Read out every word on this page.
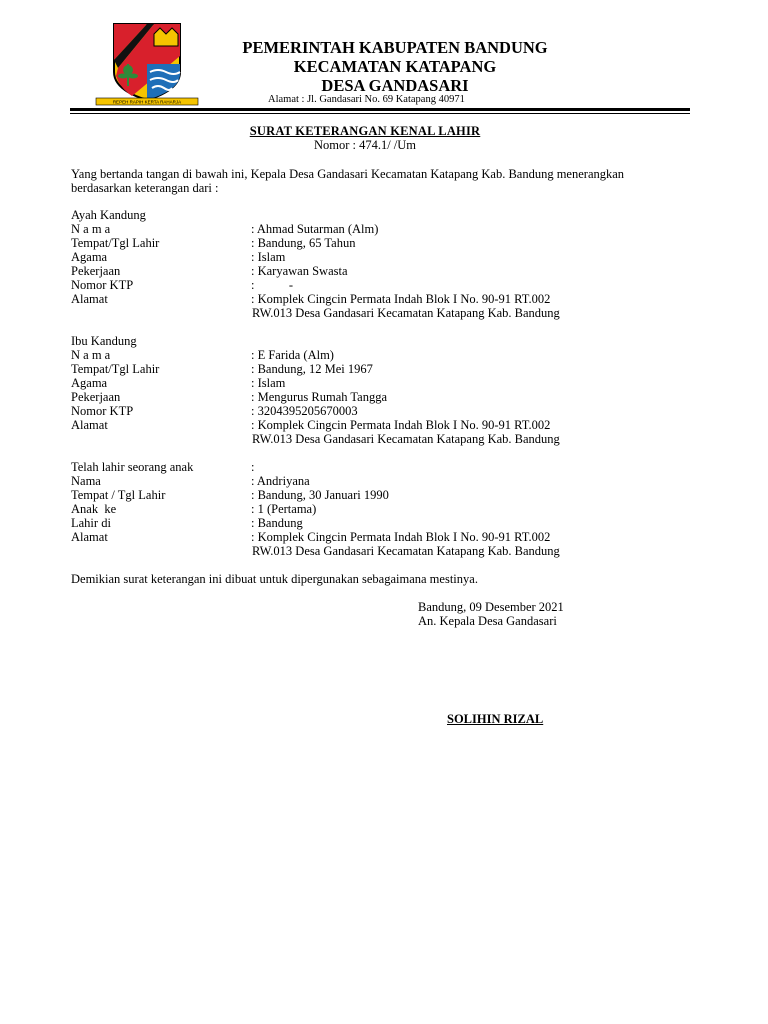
REPEH RAPIH KERTA RAHARJA
PEMERINTAH KABUPATEN BANDUNG
KECAMATAN KATAPANG
DESA GANDASARI
Alamat : Jl. Gandasari No. 69 Katapang 40971
SURAT KETERANGAN KENAL LAHIR
Nomor : 474.1/ /Um
Yang bertanda tangan di bawah ini, Kepala Desa Gandasari Kecamatan Katapang Kab. Bandung menerangkan berdasarkan keterangan dari :
Ayah Kandung
N a m a	: Ahmad Sutarman (Alm)
Tempat/Tgl Lahir	: Bandung, 65 Tahun
Agama	: Islam
Pekerjaan	: Karyawan Swasta
Nomor KTP	:           -
Alamat	: Komplek Cingcin Permata Indah Blok I No. 90-91 RT.002
RW.013 Desa Gandasari Kecamatan Katapang Kab. Bandung
Ibu Kandung
N a m a	: E Farida (Alm)
Tempat/Tgl Lahir	: Bandung, 12 Mei 1967
Agama	: Islam
Pekerjaan	: Mengurus Rumah Tangga
Nomor KTP	: 3204395205670003
Alamat	: Komplek Cingcin Permata Indah Blok I No. 90-91 RT.002
RW.013 Desa Gandasari Kecamatan Katapang Kab. Bandung
Telah lahir seorang anak	:
Nama	: Andriyana
Tempat / Tgl Lahir	: Bandung, 30 Januari 1990
Anak  ke	: 1 (Pertama)
Lahir di	: Bandung
Alamat	: Komplek Cingcin Permata Indah Blok I No. 90-91 RT.002
RW.013 Desa Gandasari Kecamatan Katapang Kab. Bandung
Demikian surat keterangan ini dibuat untuk dipergunakan sebagaimana mestinya.
Bandung, 09 Desember 2021
An. Kepala Desa Gandasari
SOLIHIN RIZAL
